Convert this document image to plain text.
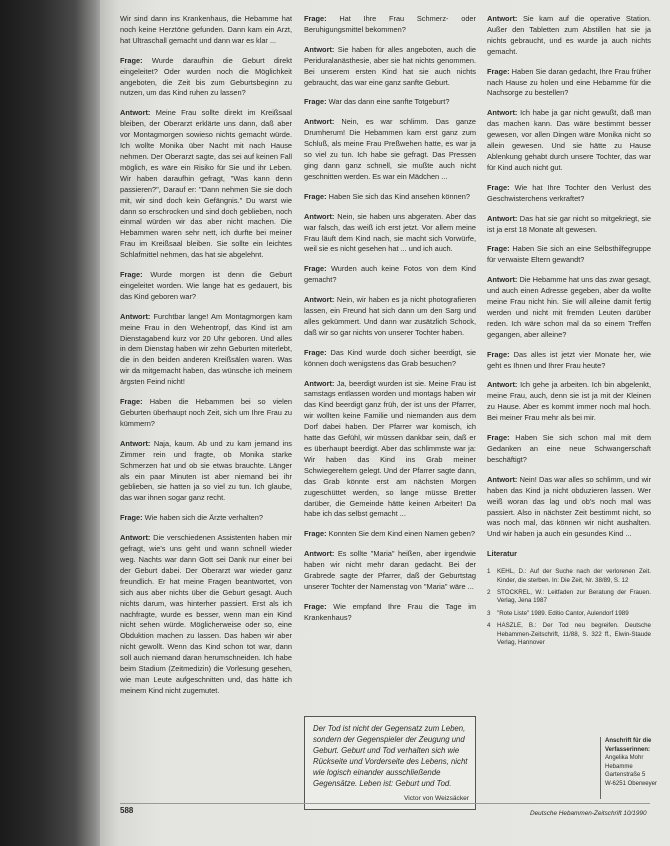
Wir sind dann ins Krankenhaus, die Hebamme hat noch keine Herztöne gefunden. Dann kam ein Arzt, hat Ultraschall gemacht und dann war es klar ...

Frage: Wurde daraufhin die Geburt direkt eingeleitet? Oder wurden noch die Möglichkeit angeboten, die Zeit bis zum Geburtsbeginn zu nutzen, um das Kind ruhen zu lassen?

Antwort: Meine Frau sollte direkt im Kreißsaal bleiben, der Oberarzt erklärte uns dann, daß aber vor Montagmorgen sowieso nichts gemacht würde. Ich wollte Monika über Nacht mit nach Hause nehmen. Der Oberarzt sagte, das sei auf keinen Fall möglich, es wäre ein Risiko für Sie und ihr Leben. Wir haben daraufhin gefragt, "Was kann denn passieren?", Darauf er: "Dann nehmen Sie sie doch mit, wir sind doch kein Gefängnis." Du warst wie dann so erschrocken und sind doch geblieben, noch einmal würden wir das aber nicht machen. Die Hebammen waren sehr nett, ich durfte bei meiner Frau im Kreißsaal bleiben. Sie sollte ein leichtes Schlafmittel nehmen, das hat sie abgelehnt.

Frage: Wurde morgen ist denn die Geburt eingeleitet worden. Wie lange hat es gedauert, bis das Kind geboren war?

Antwort: Furchtbar lange! Am Montagmorgen kam meine Frau in den Wehentropf, das Kind ist am Dienstagabend kurz vor 20 Uhr geboren. Und alles in dem Dienstag haben wir zehn Geburten miterlebt, die in den beiden anderen Kreißsälen waren. Was wir da mitgemacht haben, das wünsche ich meinem ärgsten Feind nicht!

Frage: Haben die Hebammen bei so vielen Geburten überhaupt noch Zeit, sich um Ihre Frau zu kümmern?

Antwort: Naja, kaum. Ab und zu kam jemand ins Zimmer rein und fragte, ob Monika starke Schmerzen hat und ob sie etwas brauchte. Länger als ein paar Minuten ist aber niemand bei ihr geblieben, sie hatten ja so viel zu tun. Ich glaube, das war ihnen sogar ganz recht.

Frage: Wie haben sich die Ärzte verhalten?

Antwort: Die verschiedenen Assistenten haben mir gefragt, wie's uns geht und wann schnell wieder weg. Nachts war dann Gott sei Dank nur einer bei der Geburt dabei. Der Oberarzt war wieder ganz freundlich. Er hat meine Fragen beantwortet, von sich aus aber nichts über die Geburt gesagt. Auch nichts darum, was hinterher passiert. Erst als ich nachfragte, wurde es besser, wenn man ein Kind nicht sehen würde. Möglicherweise oder so, eine Obduktion machen zu lassen. Das haben wir aber nicht gewollt. Wenn das Kind schon tot war, dann soll auch niemand daran herumschneiden. Ich habe beim Stadium (Zeitmedizin) die Vorlesung gesehen, wie man Leute aufgeschnitten und, das hätte ich meinem Kind nicht zugemutet.

Frage: Hat Ihre Frau Schmerz- oder Beruhigungsmittel bekommen?

Antwort: Sie haben für alles angeboten, auch die Periduralanästhesie, aber sie hat nichts genommen. Bei unserem ersten Kind hat sie auch nichts gebraucht, das war eine ganz sanfte Geburt.

Frage: War das dann eine sanfte Totgeburt?

Antwort: Nein, es war schlimm. Das ganze Drumherum! Die Hebammen kam erst ganz zum Schluß, als meine Frau Preßwehen hatte, es war ja so viel zu tun. Ich habe sie gefragt. Das Pressen ging dann ganz schnell, sie mußte auch nicht geschnitten werden. Es war ein Mädchen ...

Frage: Haben Sie sich das Kind ansehen können?

Antwort: Nein, sie haben uns abgeraten. Aber das war falsch, das weiß ich erst jetzt. Vor allem meine Frau läuft dem Kind nach, sie macht sich Vorwürfe, weil sie es nicht gesehen hat ... und ich auch.

Frage: Wurden auch keine Fotos von dem Kind gemacht?

Antwort: Nein, wir haben es ja nicht photografieren lassen, ein Freund hat sich dann um den Sarg und alles gekümmert. Und dann war zusätzlich Schock, daß wir so gar nichts von unserer Tochter haben.

Frage: Das Kind wurde doch sicher beerdigt, sie können doch wenigstens das Grab besuchen?

Antwort: Ja, beerdigt wurden ist sie. Meine Frau ist samstags entlassen worden und montags haben wir das Kind beerdigt ganz früh, der ist uns der Pfarrer, wir wollten keine Familie und niemanden aus dem Dorf dabei haben. Der Pfarrer war komisch, ich hatte das Gefühl, wir müssen dankbar sein, daß er es überhaupt beerdigt. Aber das schlimmste war ja: Wir haben das Kind ins Grab meiner Schwiegereltern gelegt. Und der Pfarrer sagte dann, das Grab könnte erst am nächsten Morgen zugeschüttet werden, so lange müsse Bretter darüber, die Gemeinde hätte keinen Arbeiter! Da habe ich das selbst gemacht ...

Frage: Konnten Sie dem Kind einen Namen geben?

Antwort: Es sollte "Maria" heißen, aber irgendwie haben wir nicht mehr daran gedacht. Bei der Grabrede sagte der Pfarrer, daß der Geburtstag unserer Tochter der Namenstag von "Maria" wäre ...

Frage: Wie empfand Ihre Frau die Tage im Krankenhaus?

Antwort: Sie kam auf die operative Station. Außer den Tabletten zum Abstillen hat sie ja nichts gebraucht, und es wurde ja auch nichts gemacht.

Frage: Haben Sie daran gedacht, Ihre Frau früher nach Hause zu holen und eine Hebamme für die Nachsorge zu bestellen?

Antwort: Ich habe ja gar nicht gewußt, daß man das machen kann. Das wäre bestimmt besser gewesen, vor allen Dingen wäre Monika nicht so allein gewesen. Und sie hätte zu Hause Ablenkung gehabt durch unsere Tochter, das war für Kind auch nicht gut.

Frage: Wie hat Ihre Tochter den Verlust des Geschwisterchens verkraftet?

Antwort: Das hat sie gar nicht so mitgekriegt, sie ist ja erst 18 Monate alt gewesen.

Frage: Haben Sie sich an eine Selbsthilfegruppe für verwaiste Eltern gewandt?

Antwort: Die Hebamme hat uns das zwar gesagt, und auch einen Adresse gegeben, aber da wollte meine Frau nicht hin. Sie will alleine damit fertig werden und nicht mit fremden Leuten darüber reden. Ich wäre schon mal da so einem Treffen gegangen, aber alleine?

Frage: Das alles ist jetzt vier Monate her, wie geht es Ihnen und Ihrer Frau heute?

Antwort: Ich gehe ja arbeiten. Ich bin abgelenkt, meine Frau, auch, denn sie ist ja mit der Kleinen zu Hause. Aber es kommt immer noch mal hoch. Bei meiner Frau mehr als bei mir.

Frage: Haben Sie sich schon mal mit dem Gedanken an eine neue Schwangerschaft beschäftigt?

Antwort: Nein! Das war alles so schlimm, und wir haben das Kind ja nicht obduzieren lassen. Wer weiß woran das lag und ob's noch mal was passiert. Also in nächster Zeit bestimmt nicht, so was noch mal, das können wir nicht aushalten. Und wir haben ja auch ein gesundes Kind ...

Literatur
1 KEHL, D.: Auf der Suche nach der verlorenen Zeit. Kinder, die sterben. In: Die Zeit, Nr. 38/89, S. 12
2 STOCKREL, W.: Leitfaden zur Beratung der Frauen. Verlag, Jena 1987
3 "Rote Liste" 1989. Editio Cantor, Aulendorf 1989
4 HASZLE, B.: Der Tod neu begreifen. Deutsche Hebammen-Zeitschrift, 11/88, S. 322 ff., Elwin-Staude Verlag, Hannover
Der Tod ist nicht der Gegensatz zum Leben, sondern der Gegenspieler der Zeugung und Geburt. Geburt und Tod verhalten sich wie Rückseite und Vorderseite des Lebens, nicht wie logisch einander ausschließende Gegensätze. Leben ist: Geburt und Tod.
Victor von Weizsäcker
Anschrift für die Verfasserinnen:
Angelika Mohr
Hebamme
Gartenstraße 5
W-6251 Oberweyer
588	Deutsche Hebammen-Zeitschrift 10/1990
